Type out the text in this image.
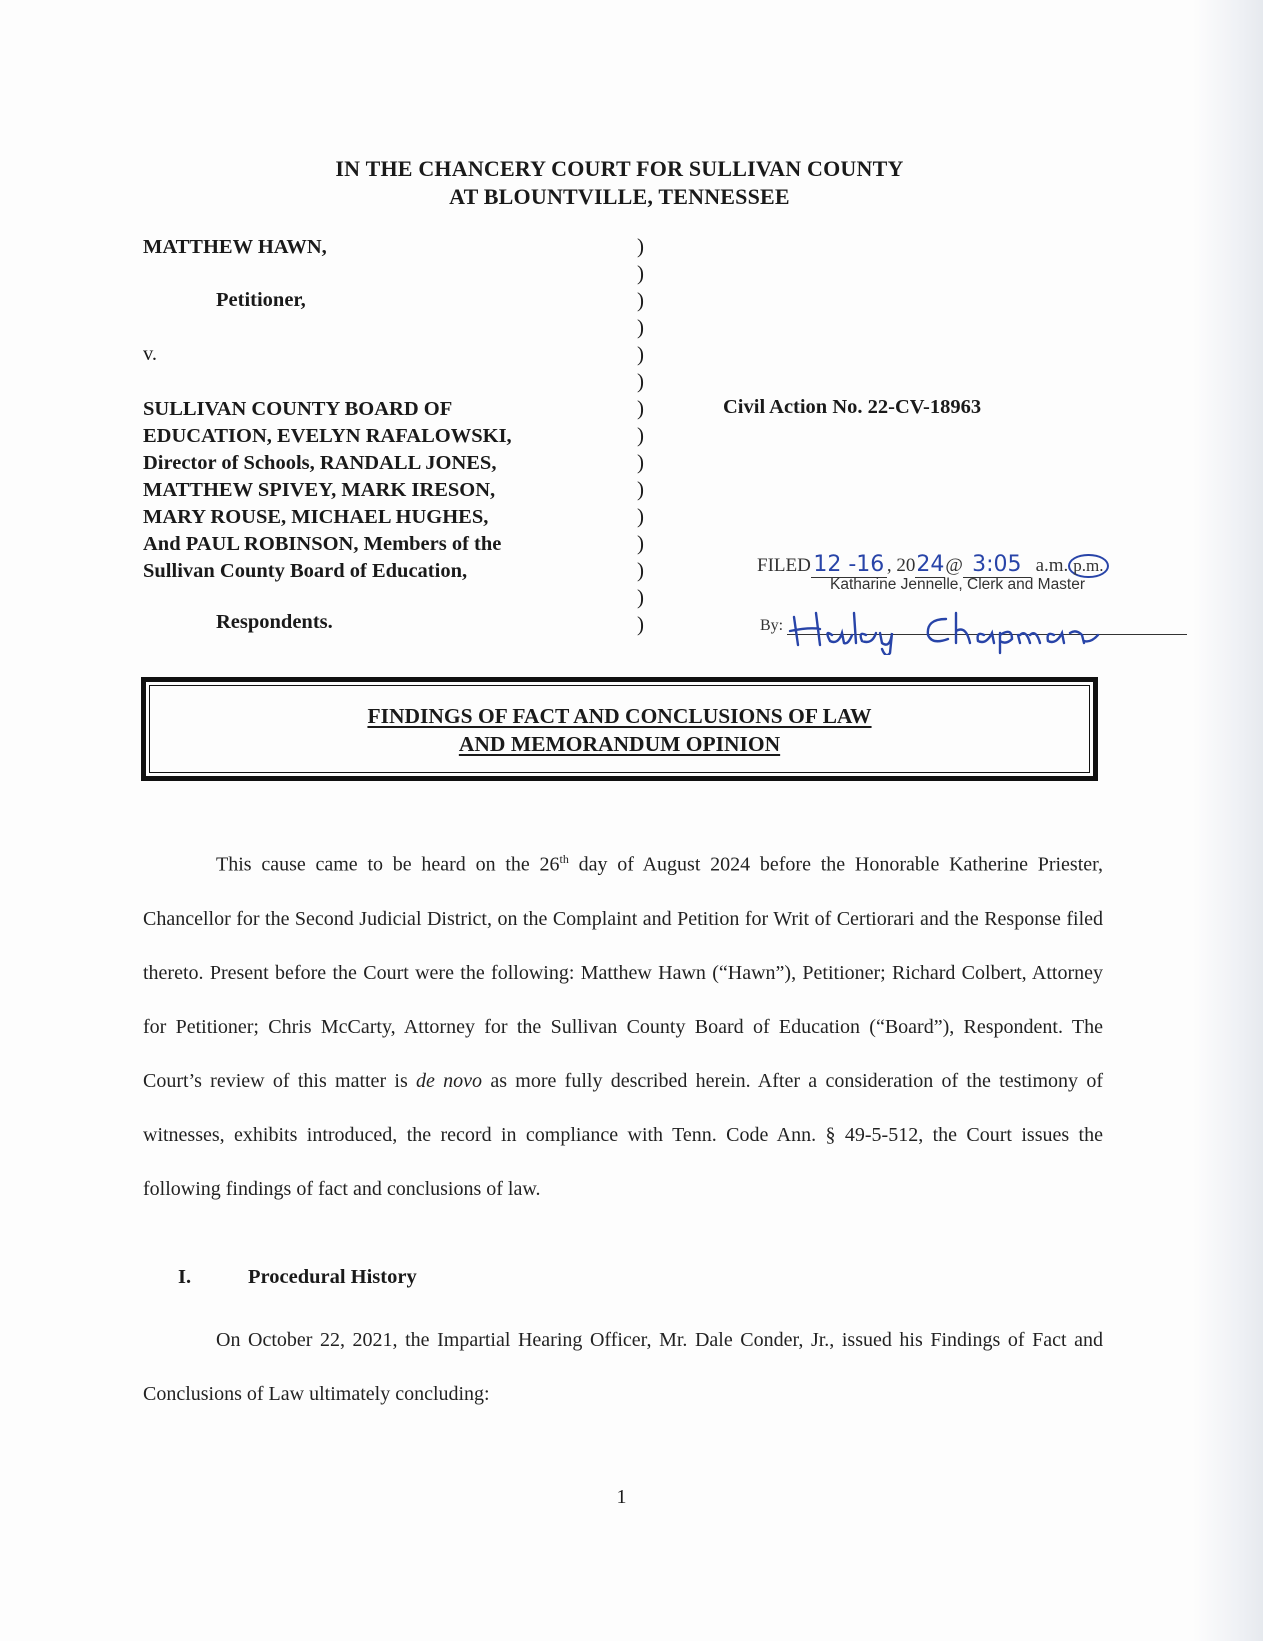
IN THE CHANCERY COURT FOR SULLIVAN COUNTY
AT BLOUNTVILLE, TENNESSEE
MATTHEW HAWN,
Petitioner,
v.
SULLIVAN COUNTY BOARD OF
EDUCATION, EVELYN RAFALOWSKI,
Director of Schools, RANDALL JONES,
MATTHEW SPIVEY, MARK IRESON,
MARY ROUSE, MICHAEL HUGHES,
And PAUL ROBINSON, Members of the
Sullivan County Board of Education,
Respondents.
)
)
)
)
)
)
)
)
)
)
)
)
)
)
)
Civil Action No. 22-CV-18963
FILED 12 -16 , 2024@ 3:05 a.m. p.m.
Katharine Jennelle, Clerk and Master
By:
FINDINGS OF FACT AND CONCLUSIONS OF LAW
AND MEMORANDUM OPINION
This cause came to be heard on the 26th day of August 2024 before the Honorable Katherine Priester, Chancellor for the Second Judicial District, on the Complaint and Petition for Writ of Certiorari and the Response filed thereto. Present before the Court were the following: Matthew Hawn (“Hawn”), Petitioner; Richard Colbert, Attorney for Petitioner; Chris McCarty, Attorney for the Sullivan County Board of Education (“Board”), Respondent. The Court’s review of this matter is de novo as more fully described herein. After a consideration of the testimony of witnesses, exhibits introduced, the record in compliance with Tenn. Code Ann. § 49-5-512, the Court issues the following findings of fact and conclusions of law.
I.	Procedural History
On October 22, 2021, the Impartial Hearing Officer, Mr. Dale Conder, Jr., issued his Findings of Fact and Conclusions of Law ultimately concluding:
1
